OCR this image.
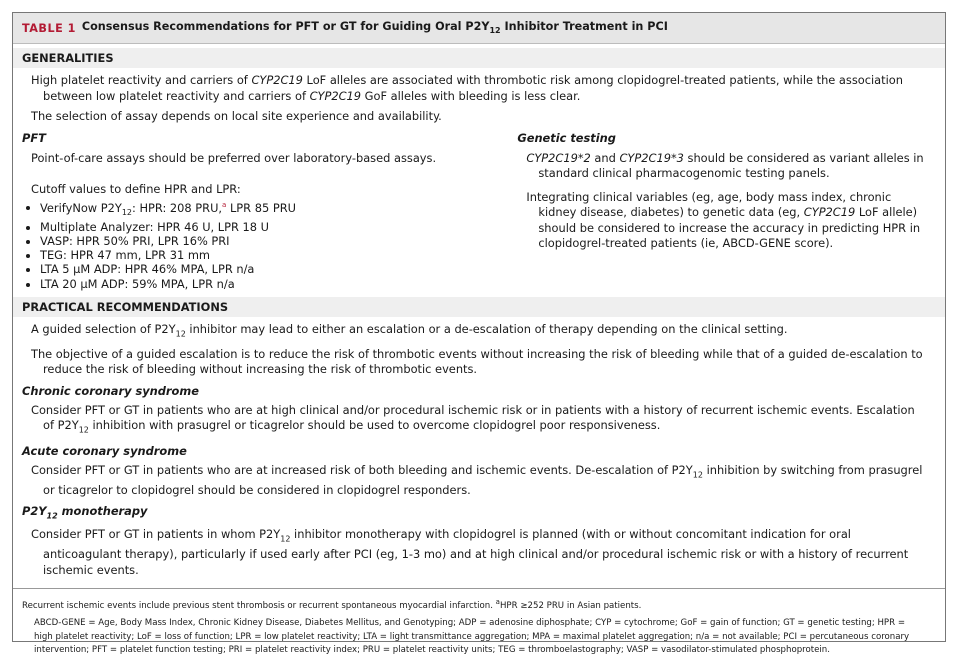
TABLE 1 Consensus Recommendations for PFT or GT for Guiding Oral $P2Y_{12}$ Inhibitor Treatment in PCI
GENERALITIES

High platelet reactivity and carriers of CYP2C19 LoF alleles are associated with thrombotic risk among clopidogrel-treated patients, while the association between low platelet reactivity and carriers of CYP2C19 GoF alleles with bleeding is less clear.

The selection of assay depends on local site experience and availability.

PFT

Point-of-care assays should be preferred over laboratory-based assays.

Cutoff values to define HPR and LPR:

• VerifyNow $P2Y_{12}$: HPR: 208 PRU,$^a$ LPR 85 PRU
• Multiplate Analyzer: HPR 46 U, LPR 18 U
• VASP: HPR 50% PRI, LPR 16% PRI
• TEG: HPR 47 mm, LPR 31 mm
• LTA 5 μM ADP: HPR 46% MPA, LPR n/a
• LTA 20 μM ADP: 59% MPA, LPR n/a
Genetic testing

CYP2C19*2 and CYP2C19*3 should be considered as variant alleles in standard clinical pharmacogenomic testing panels.

Integrating clinical variables (eg, age, body mass index, chronic kidney disease, diabetes) to genetic data (eg, CYP2C19 LoF allele) should be considered to increase the accuracy in predicting HPR in clopidogrel-treated patients (ie, ABCD-GENE score).

PRACTICAL RECOMMENDATIONS

A guided selection of $P2Y_{12}$ inhibitor may lead to either an escalation or a de-escalation of therapy depending on the clinical setting.

The objective of a guided escalation is to reduce the risk of thrombotic events without increasing the risk of bleeding while that of a guided de-escalation to reduce the risk of bleeding without increasing the risk of thrombotic events.

Chronic coronary syndrome

Consider PFT or GT in patients who are at high clinical and/or procedural ischemic risk or in patients with a history of recurrent ischemic events. Escalation of $P2Y_{12}$ inhibition with prasugrel or ticagrelor should be used to overcome clopidogrel poor responsiveness.

Acute coronary syndrome

Consider PFT or GT in patients who are at increased risk of both bleeding and ischemic events. De-escalation of $P2Y_{12}$ inhibition by switching from prasugrel or ticagrelor to clopidogrel should be considered in clopidogrel responders.

$P2Y_{12}$ monotherapy

Consider PFT or GT in patients in whom $P2Y_{12}$ inhibitor monotherapy with clopidogrel is planned (with or without concomitant indication for oral anticoagulant therapy), particularly if used early after PCI (eg, 1-3 mo) and at high clinical and/or procedural ischemic risk or with a history of recurrent ischemic events.

Recurrent ischemic events include previous stent thrombosis or recurrent spontaneous myocardial infarction. $^a$HPR ≥252 PRU in Asian patients.

ABCD-GENE = Age, Body Mass Index, Chronic Kidney Disease, Diabetes Mellitus, and Genotyping; ADP = adenosine diphosphate; CYP = cytochrome; GoF = gain of function; GT = genetic testing; HPR = high platelet reactivity; LoF = loss of function; LPR = low platelet reactivity; LTA = light transmittance aggregation; MPA = maximal platelet aggregation; n/a = not available; PCI = percutaneous coronary intervention; PFT = platelet function testing; PRI = platelet reactivity index; PRU = platelet reactivity units; TEG = thromboelastography; VASP = vasodilator-stimulated phosphoprotein.
